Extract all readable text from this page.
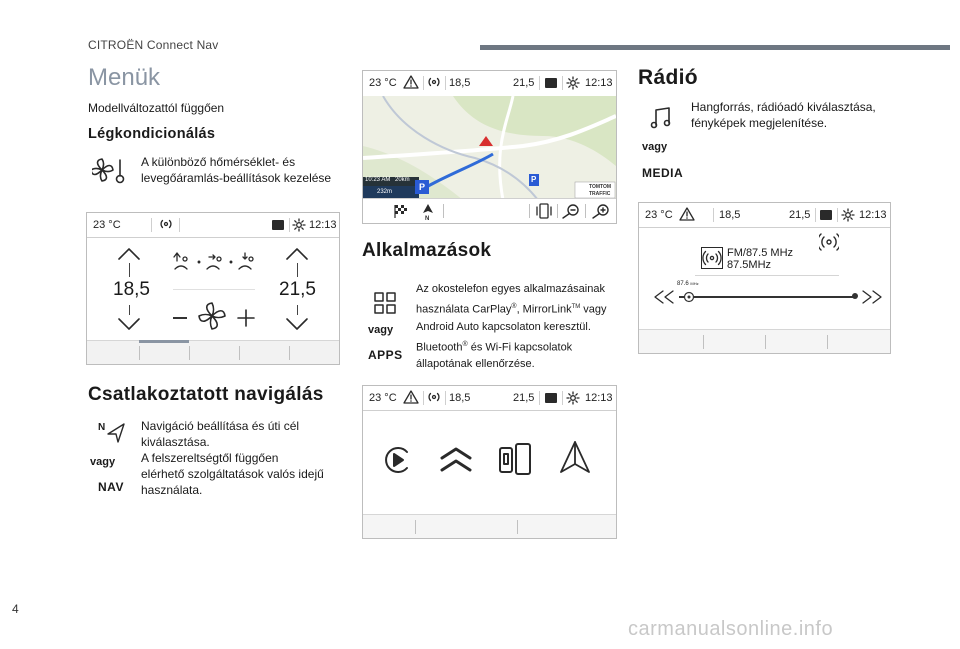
CITROËN Connect Nav
4
carmanualsonline.info
Menük
Modellváltozattól függően
Légkondicionálás
A különböző hőmérséklet- és levegőáramlás-beállítások kezelése
23 °C	12:13
18,5	21,5
Csatlakoztatott navigálás
N
vagy
NAV
Navigáció beállítása és úti cél
kiválasztása.
A felszereltségtől függően
elérhető szolgáltatások valós idejű
használata.
23 °C	18,5	21,5	12:13
10:23 AM 20km
232m	P
P
TOMTOM
TRAFFIC
N
Alkalmazások
vagy
APPS
Az okostelefon egyes alkalmazásainak
használata CarPlay®, MirrorLink™ vagy
Android Auto kapcsolaton keresztül.
Bluetooth® és Wi-Fi kapcsolatok
állapotának ellenőrzése.
23 °C	18,5	21,5	12:13
Rádió
vagy
MEDIA
Hangforrás, rádióadó kiválasztása,
fényképek megjelenítése.
23 °C	18,5	21,5	12:13
FM/87.5 MHz
87.5MHz
87.6 MHz
